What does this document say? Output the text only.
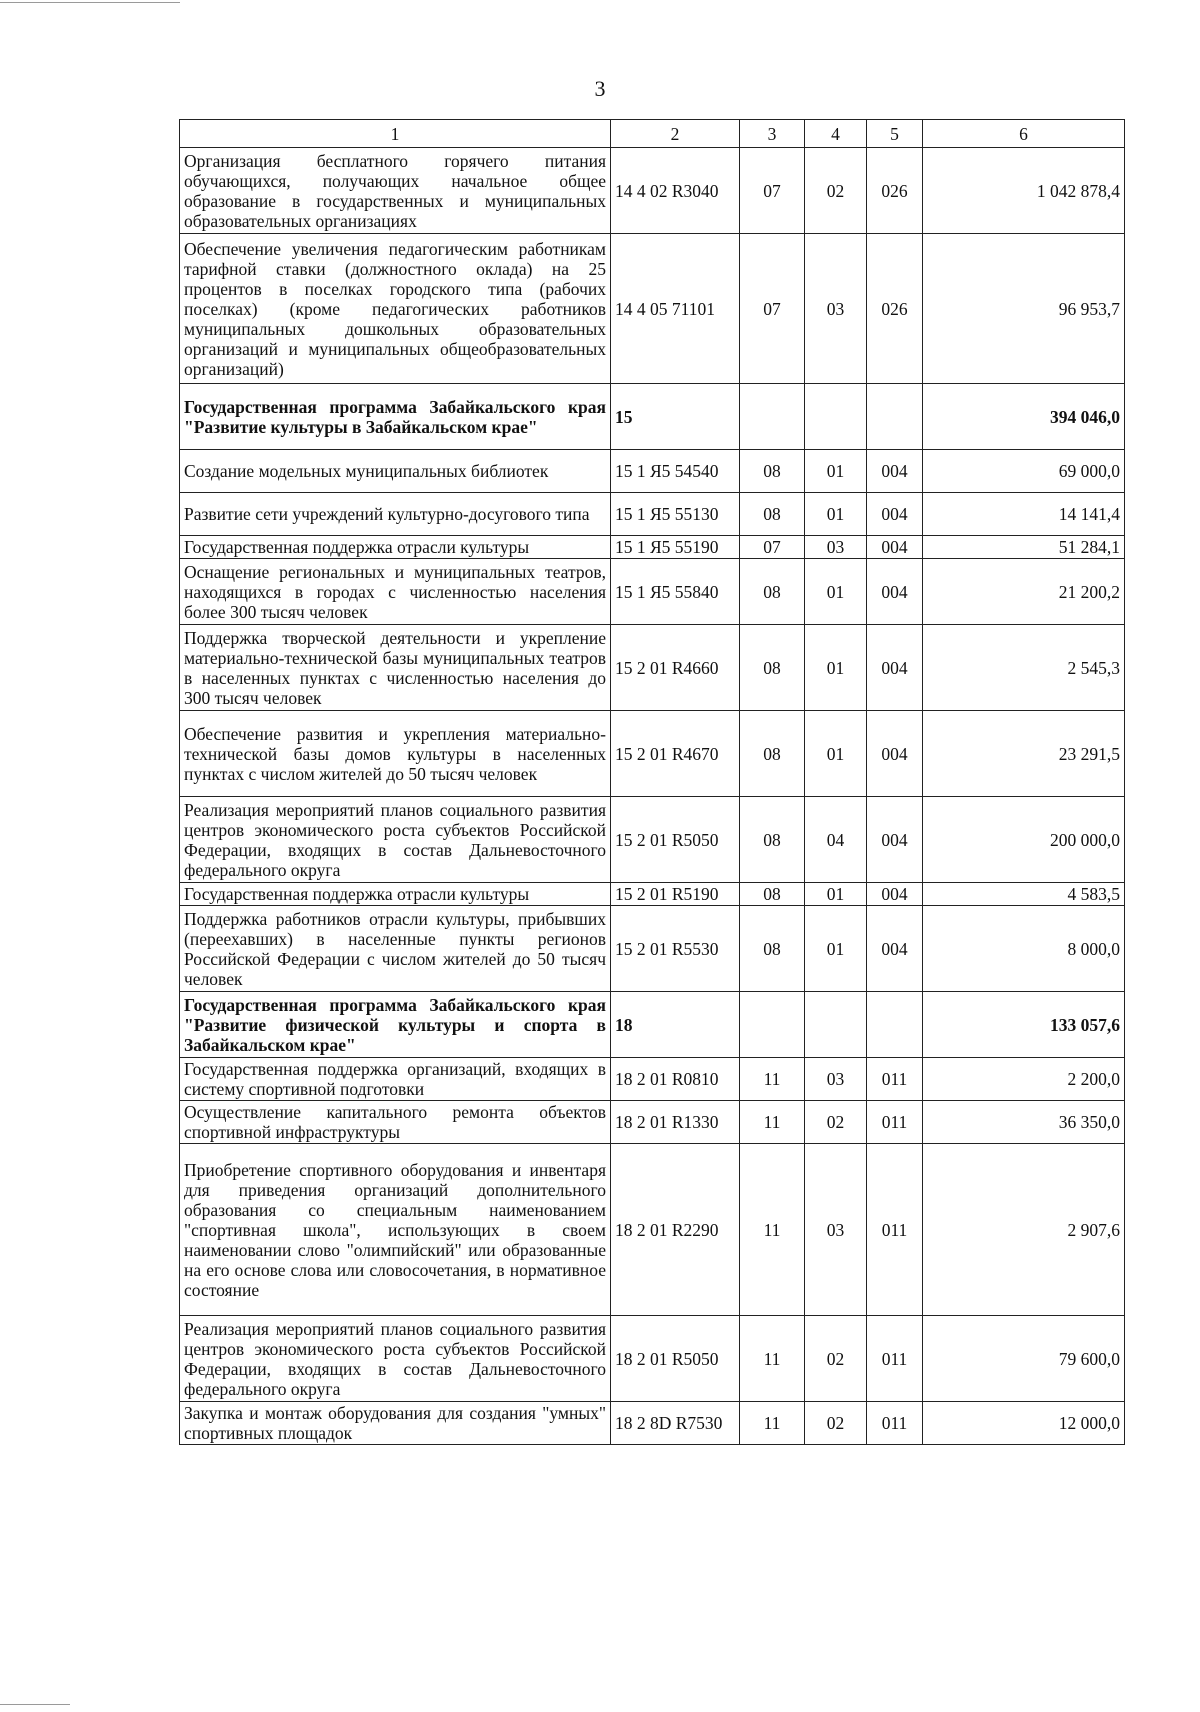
3
1	2	3	4	5	6
Организация бесплатного горячего питания обучающихся, получающих начальное общее образование в государственных и муниципальных образовательных организациях	14 4 02 R3040	07	02	026	1 042 878,4
Обеспечение увеличения педагогическим работникам тарифной ставки (должностного оклада) на 25 процентов в поселках городского типа (рабочих поселках) (кроме педагогических работников муниципальных дошкольных образовательных организаций и муниципальных общеобразовательных организаций)	14 4 05 71101	07	03	026	96 953,7
Государственная программа Забайкальского края "Развитие культуры в Забайкальском крае"	15				394 046,0
Создание модельных муниципальных библиотек	15 1 Я5 54540	08	01	004	69 000,0
Развитие сети учреждений культурно-досугового типа	15 1 Я5 55130	08	01	004	14 141,4
Государственная поддержка отрасли культуры	15 1 Я5 55190	07	03	004	51 284,1
Оснащение региональных и муниципальных театров, находящихся в городах с численностью населения более 300 тысяч человек	15 1 Я5 55840	08	01	004	21 200,2
Поддержка творческой деятельности и укрепление материально-технической базы муниципальных театров в населенных пунктах с численностью населения до 300 тысяч человек	15 2 01 R4660	08	01	004	2 545,3
Обеспечение развития и укрепления материально-технической базы домов культуры в населенных пунктах с числом жителей до 50 тысяч человек	15 2 01 R4670	08	01	004	23 291,5
Реализация мероприятий планов социального развития центров экономического роста субъектов Российской Федерации, входящих в состав Дальневосточного федерального округа	15 2 01 R5050	08	04	004	200 000,0
Государственная поддержка отрасли культуры	15 2 01 R5190	08	01	004	4 583,5
Поддержка работников отрасли культуры, прибывших (переехавших) в населенные пункты регионов Российской Федерации с числом жителей до 50 тысяч человек	15 2 01 R5530	08	01	004	8 000,0
Государственная программа Забайкальского края "Развитие физической культуры и спорта в Забайкальском крае"	18				133 057,6
Государственная поддержка организаций, входящих в систему спортивной подготовки	18 2 01 R0810	11	03	011	2 200,0
Осуществление капитального ремонта объектов спортивной инфраструктуры	18 2 01 R1330	11	02	011	36 350,0
Приобретение спортивного оборудования и инвентаря для приведения организаций дополнительного образования со специальным наименованием "спортивная школа", использующих в своем наименовании слово "олимпийский" или образованные на его основе слова или словосочетания, в нормативное состояние	18 2 01 R2290	11	03	011	2 907,6
Реализация мероприятий планов социального развития центров экономического роста субъектов Российской Федерации, входящих в состав Дальневосточного федерального округа	18 2 01 R5050	11	02	011	79 600,0
Закупка и монтаж оборудования для создания "умных" спортивных площадок	18 2 8D R7530	11	02	011	12 000,0
